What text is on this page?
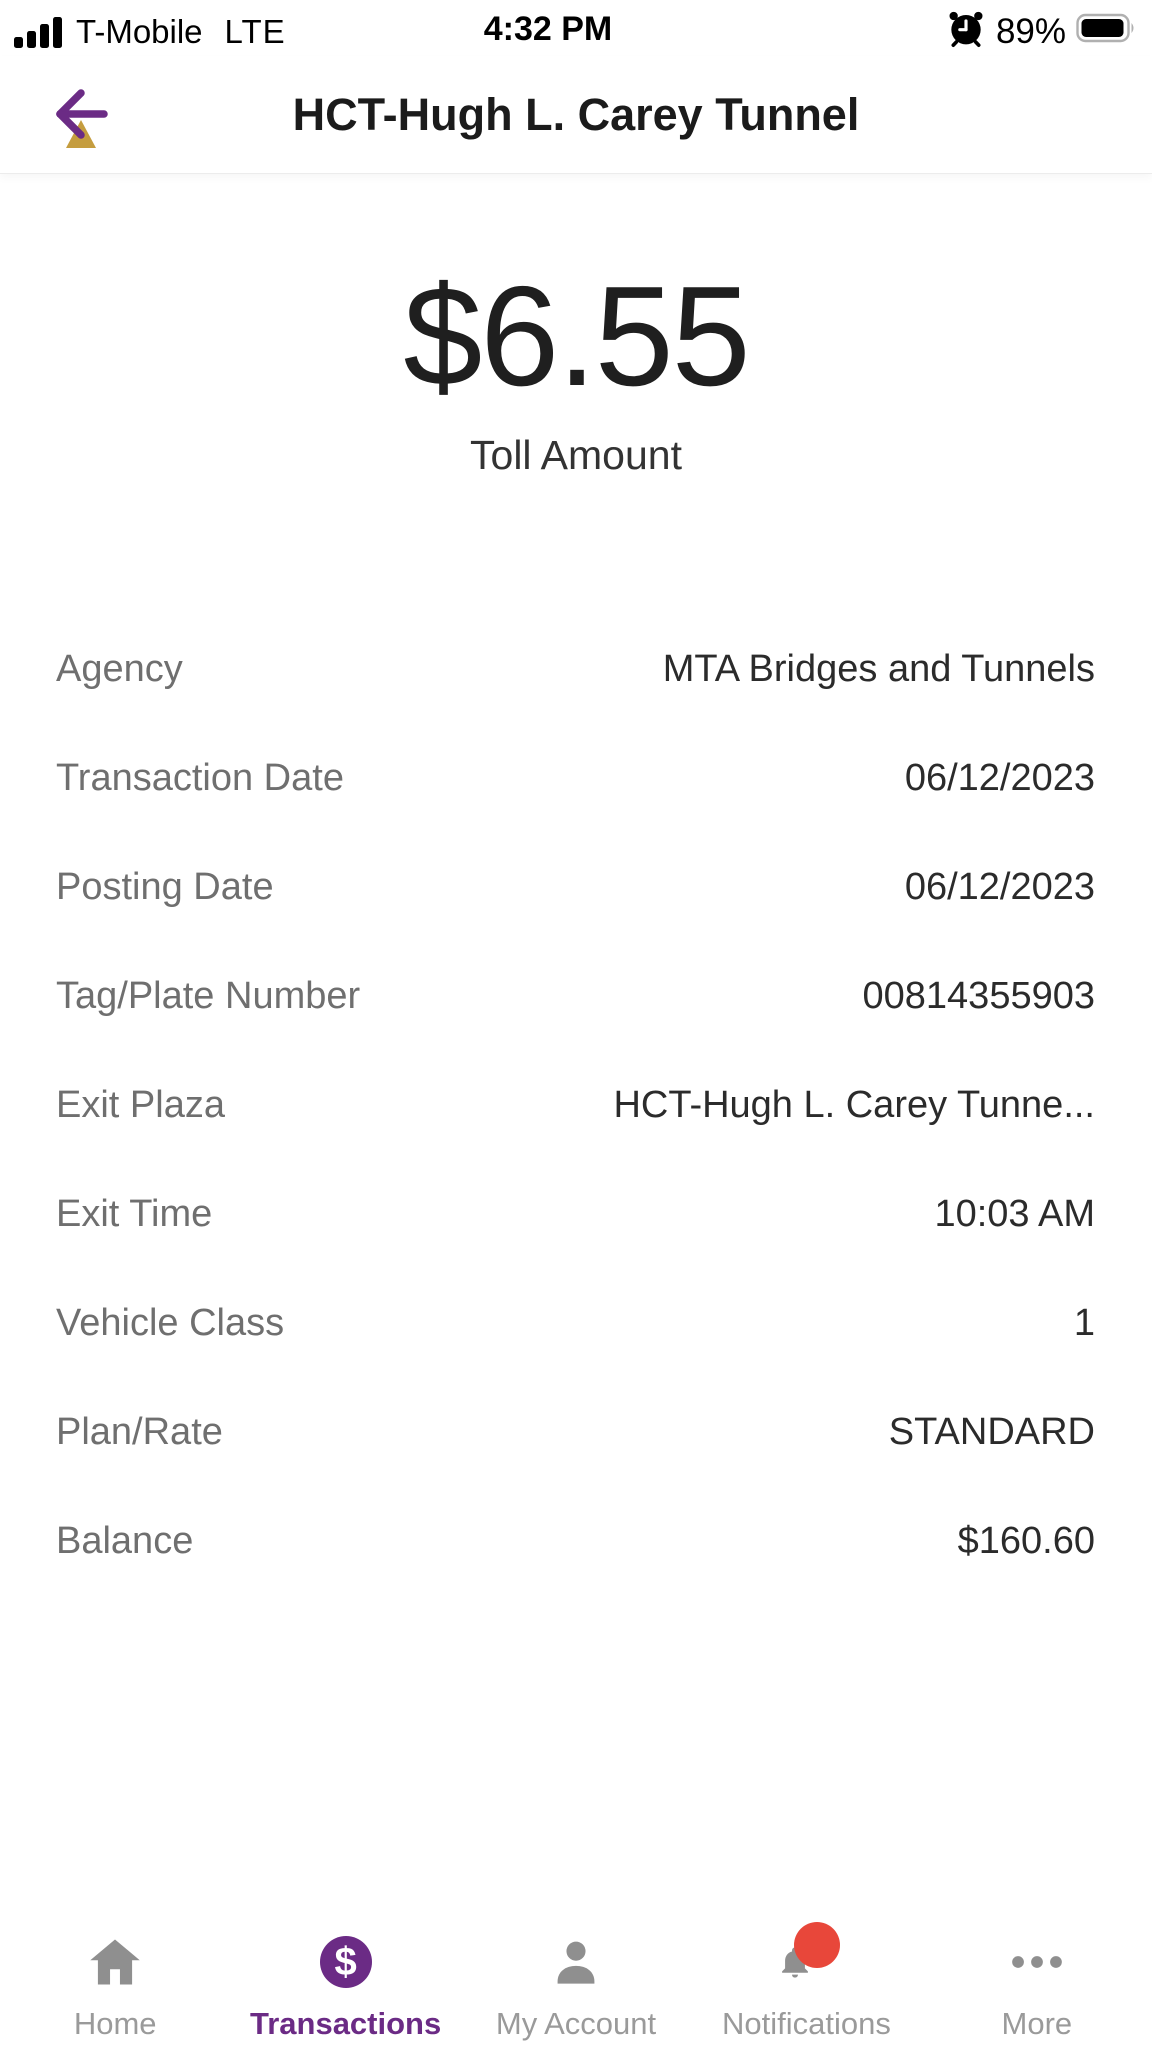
T-Mobile LTE	4:32 PM	89%
HCT-Hugh L. Carey Tunnel
$6.55
Toll Amount
Agency	MTA Bridges and Tunnels
Transaction Date	06/12/2023
Posting Date	06/12/2023
Tag/Plate Number	00814355903
Exit Plaza	HCT-Hugh L. Carey Tunne...
Exit Time	10:03 AM
Vehicle Class	1
Plan/Rate	STANDARD
Balance	$160.60
Home
$
Transactions My Account Notifications	More
